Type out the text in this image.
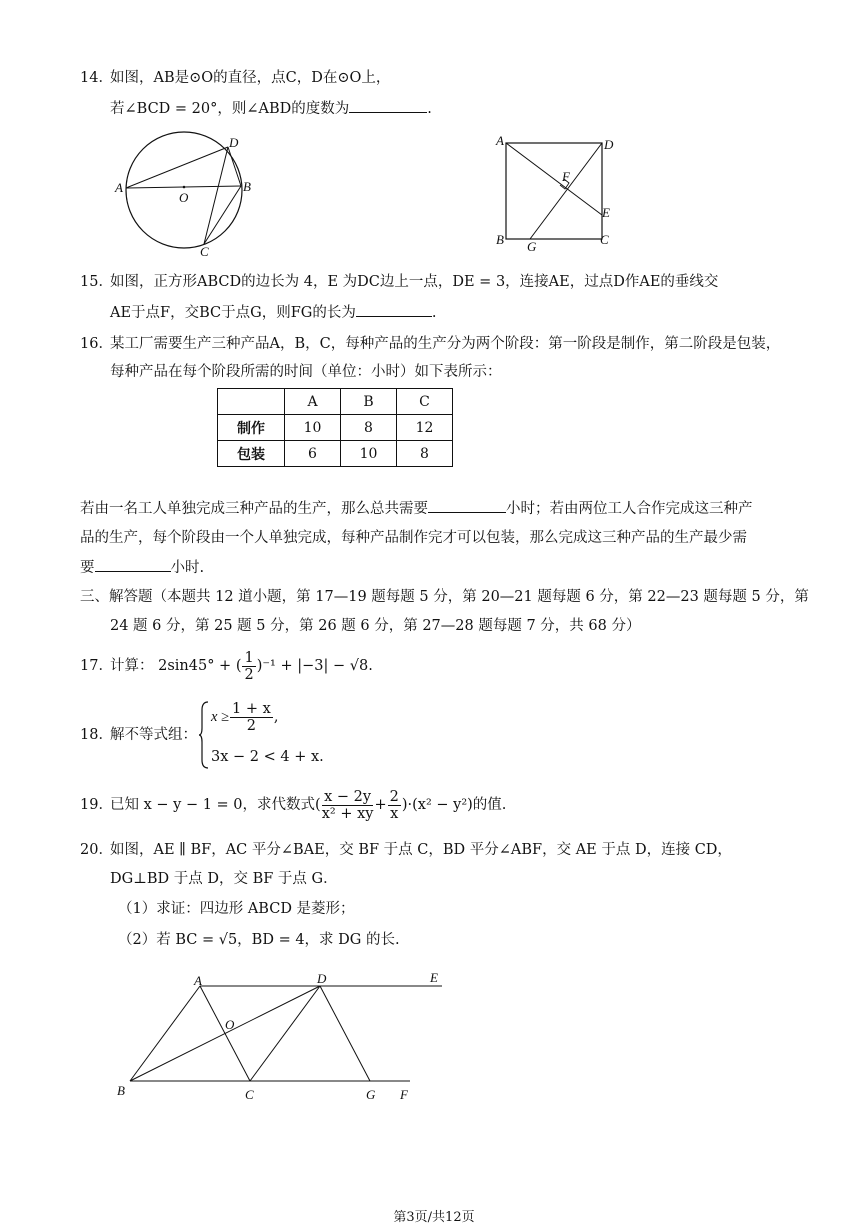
14．
如图，AB是⊙O的直径，点C，D在⊙O上，
若∠BCD = 20°，则∠ABD的度数为	.
A	B
C
D
O
A	D
B	C
E
F
G
15．
如图，正方形ABCD的边长为 4，E 为DC边上一点，DE = 3，连接AE，过点D作AE的垂线交
AE于点F，交BC于点G，则FG的长为	.
16．
某工厂需要生产三种产品A，B，C，每种产品的生产分为两个阶段：第一阶段是制作，第二阶段是包装，
每种产品在每个阶段所需的时间（单位：小时）如下表所示：
	A	B	C
制作	10	8	12
包装	6	10	8
若由一名工人单独完成三种产品的生产，那么总共需要	小时；若由两位工人合作完成这三种产
品的生产，每个阶段由一个人单独完成，每种产品制作完才可以包装，那么完成这三种产品的生产最少需
要	小时.
三、解答题（本题共 12 道小题，第 17—19 题每题 5 分，第 20—21 题每题 6 分，第 22—23 题每题 5 分，第
24 题 6 分，第 25 题 5 分，第 26 题 6 分，第 27—28 题每题 7 分，共 68 分）
17．
计算： 2sin45° + ( $\frac{1}{2} )^{-1} + |-3| - √8$.
18．
解不等式组：
$x \ge \frac{1 + x}{2}$ ,
3x − 2 < 4 + x.
19．
已知 x − y − 1 = 0，求代数式( $\frac{x - 2y}{\text{x² + xy}} + \frac{2}{x} )\cdot(x^2 - y^2)$的值.
20．
如图，AE ∥ BF，AC 平分∠BAE，交 BF 于点 C，BD 平分∠ABF，交 AE 于点 D，连接 CD，
DG⊥BD 于点 D，交 BF 于点 G．
（1）求证：四边形 ABCD 是菱形；
（2）若 BC = √5，BD = 4，求 DG 的长.
A	D	E
O
B	C	G F
第3页/共12页
